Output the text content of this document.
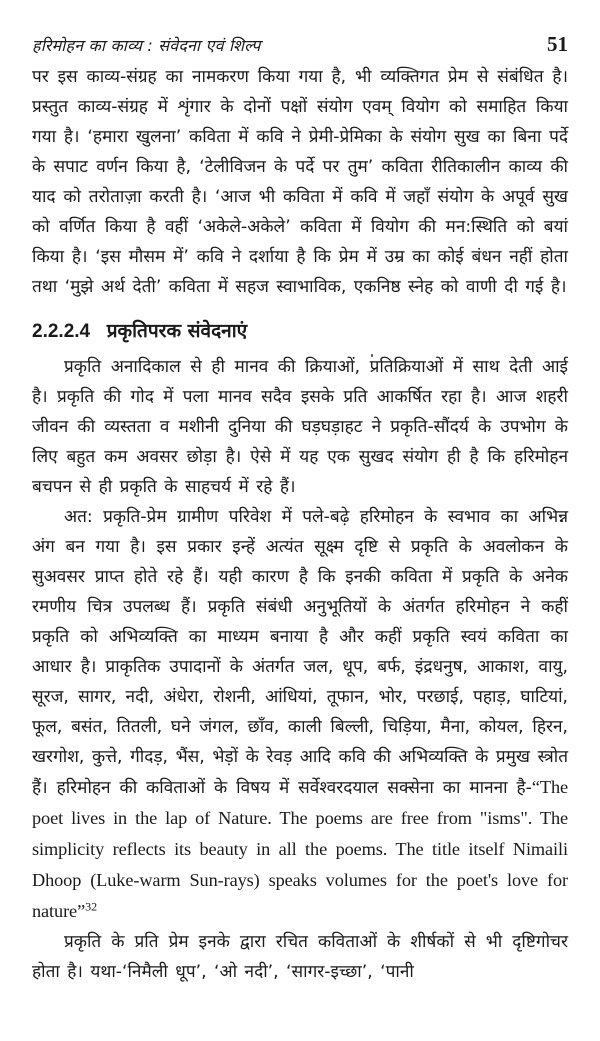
हरिमोहन का काव्य : संवेदना एवं शिल्प	51

पर इस काव्य-संग्रह का नामकरण किया गया है, भी व्यक्तिगत प्रेम से संबंधित है। प्रस्तुत काव्य-संग्रह में शृंगार के दोनों पक्षों संयोग एवम् वियोग को समाहित किया गया है। ‘हमारा खुलना’ कविता में कवि ने प्रेमी-प्रेमिका के संयोग सुख का बिना पर्दे के सपाट वर्णन किया है, ‘टेलीविजन के पर्दे पर तुम’ कविता रीतिकालीन काव्य की याद को तरोताज़ा करती है। ‘आज भी कविता में कवि में जहाँ संयोग के अपूर्व सुख को वर्णित किया है वहीं ‘अकेले-अकेले’ कविता में वियोग की मन:स्थिति को बयां किया है। ‘इस मौसम में’ कवि ने दर्शाया है कि प्रेम में उम्र का कोई बंधन नहीं होता तथा ‘मुझे अर्थ देती’ कविता में सहज स्वाभाविक, एकनिष्ठ स्नेह को वाणी दी गई है।

2.2.2.4 प्रकृतिपरक संवेदनाएं

प्रकृति अनादिकाल से ही मानव की क्रियाओं, प्रतिक्रियाओं में साथ देती आई है। प्रकृति की गोद में पला मानव सदैव इसके प्रति आकर्षित रहा है। आज शहरी जीवन की व्यस्तता व मशीनी दुनिया की घड़घड़ाहट ने प्रकृति-सौंदर्य के उपभोग के लिए बहुत कम अवसर छोड़ा है। ऐसे में यह एक सुखद संयोग ही है कि हरिमोहन बचपन से ही प्रकृति के साहचर्य में रहे हैं।

अत: प्रकृति-प्रेम ग्रामीण परिवेश में पले-बढ़े हरिमोहन के स्वभाव का अभिन्न अंग बन गया है। इस प्रकार इन्हें अत्यंत सूक्ष्म दृष्टि से प्रकृति के अवलोकन के सुअवसर प्राप्त होते रहे हैं। यही कारण है कि इनकी कविता में प्रकृति के अनेक रमणीय चित्र उपलब्ध हैं। प्रकृति संबंधी अनुभूतियों के अंतर्गत हरिमोहन ने कहीं प्रकृति को अभिव्यक्ति का माध्यम बनाया है और कहीं प्रकृति स्वयं कविता का आधार है। प्राकृतिक उपादानों के अंतर्गत जल, धूप, बर्फ, इंद्रधनुष, आकाश, वायु, सूरज, सागर, नदी, अंधेरा, रोशनी, आंधियां, तूफान, भोर, परछाई, पहाड़, घाटियां, फूल, बसंत, तितली, घने जंगल, छाँव, काली बिल्ली, चिड़िया, मैना, कोयल, हिरन, खरगोश, कुत्ते, गीदड़, भैंस, भेड़ों के रेवड़ आदि कवि की अभिव्यक्ति के प्रमुख स्त्रोत हैं। हरिमोहन की कविताओं के विषय में सर्वेश्वरदयाल सक्सेना का मानना है-“The poet lives in the lap of Nature. The poems are free from "isms". The simplicity reflects its beauty in all the poems. The title itself Nimaili Dhoop (Luke-warm Sun-rays) speaks volumes for the poet's love for nature”$^{32}$

प्रकृति के प्रति प्रेम इनके द्वारा रचित कविताओं के शीर्षकों से भी दृष्टिगोचर होता है। यथा-‘निमैली धूप’, ‘ओ नदी’, ‘सागर-इच्छा’, ‘पानी
